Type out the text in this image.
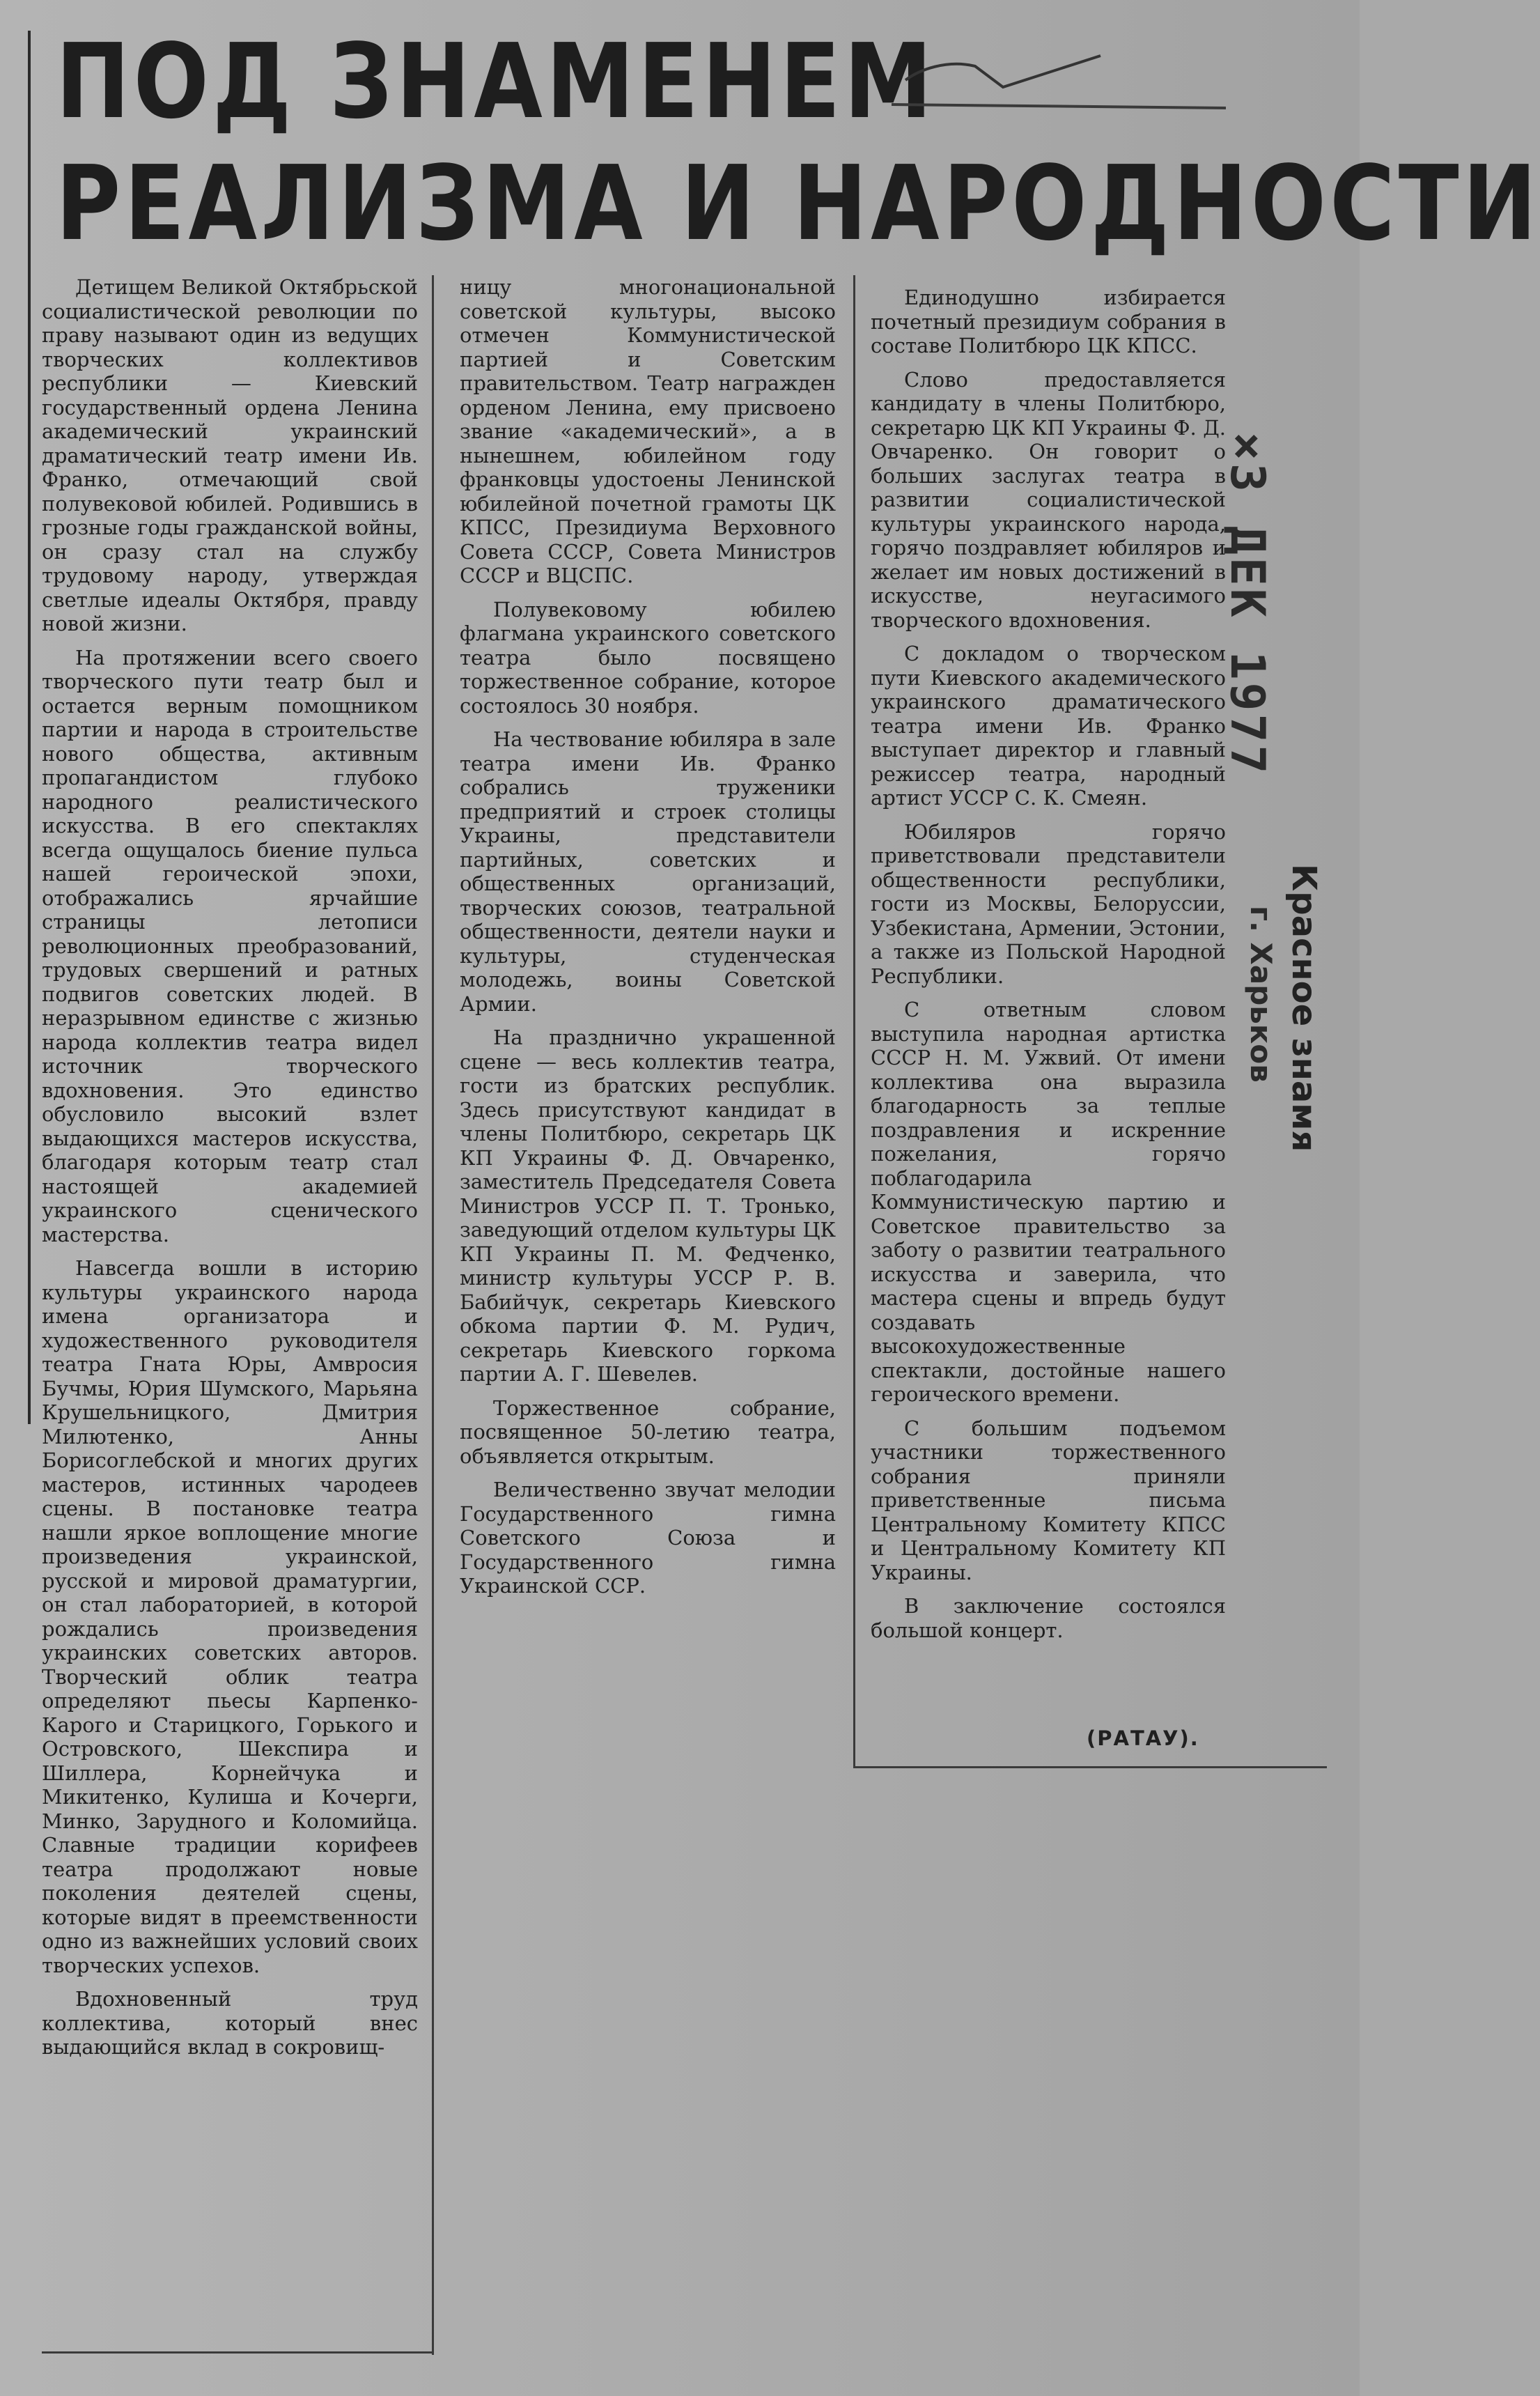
ПОД ЗНАМЕНЕМ
РЕАЛИЗМА И НАРОДНОСТИ

Детищем Великой Октябрьской социалистической революции по праву называют один из ведущих творческих коллективов республики — Киевский государственный ордена Ленина академический украинский драматический театр имени Ив. Франко, отмечающий свой полувековой юбилей. Родившись в грозные годы гражданской войны, он сразу стал на службу трудовому народу, утверждая светлые идеалы Октября, правду новой жизни.

На протяжении всего своего творческого пути театр был и остается верным помощником партии и народа в строительстве нового общества, активным пропагандистом глубоко народного реалистического искусства. В его спектаклях всегда ощущалось биение пульса нашей героической эпохи, отображались ярчайшие страницы летописи революционных преобразований, трудовых свершений и ратных подвигов советских людей. В неразрывном единстве с жизнью народа коллектив театра видел источник творческого вдохновения. Это единство обусловило высокий взлет выдающихся мастеров искусства, благодаря которым театр стал настоящей академией украинского сценического мастерства.

Навсегда вошли в историю культуры украинского народа имена организатора и художественного руководителя театра Гната Юры, Амвросия Бучмы, Юрия Шумского, Марьяна Крушельницкого, Дмитрия Милютенко, Анны Борисоглебской и многих других мастеров, истинных чародеев сцены. В постановке театра нашли яркое воплощение многие произведения украинской, русской и мировой драматургии, он стал лабораторией, в которой рождались произведения украинских советских авторов. Творческий облик театра определяют пьесы Карпенко-Карого и Старицкого, Горького и Островского, Шекспира и Шиллера, Корнейчука и Микитенко, Кулиша и Кочерги, Минко, Зарудного и Коломийца. Славные традиции корифеев театра продолжают новые поколения деятелей сцены, которые видят в преемственности одно из важнейших условий своих творческих успехов.

Вдохновенный труд коллектива, который внес выдающийся вклад в сокровищ-

ницу многонациональной советской культуры, высоко отмечен Коммунистической партией и Советским правительством. Театр награжден орденом Ленина, ему присвоено звание «академический», а в нынешнем, юбилейном году франковцы удостоены Ленинской юбилейной почетной грамоты ЦК КПСС, Президиума Верховного Совета СССР, Совета Министров СССР и ВЦСПС.

Полувековому юбилею флагмана украинского советского театра было посвящено торжественное собрание, которое состоялось 30 ноября.

На чествование юбиляра в зале театра имени Ив. Франко собрались труженики предприятий и строек столицы Украины, представители партийных, советских и общественных организаций, творческих союзов, театральной общественности, деятели науки и культуры, студенческая молодежь, воины Советской Армии.

На празднично украшенной сцене — весь коллектив театра, гости из братских республик. Здесь присутствуют кандидат в члены Политбюро, секретарь ЦК КП Украины Ф. Д. Овчаренко, заместитель Председателя Совета Министров УССР П. Т. Тронько, заведующий отделом культуры ЦК КП Украины П. М. Федченко, министр культуры УССР Р. В. Бабийчук, секретарь Киевского обкома партии Ф. М. Рудич, секретарь Киевского горкома партии А. Г. Шевелев.

Торжественное собрание, посвященное 50-летию театра, объявляется открытым.

Величественно звучат мелодии Государственного гимна Советского Союза и Государственного гимна Украинской ССР.

Единодушно избирается почетный президиум собрания в составе Политбюро ЦК КПСС.

Слово предоставляется кандидату в члены Политбюро, секретарю ЦК КП Украины Ф. Д. Овчаренко. Он говорит о больших заслугах театра в развитии социалистической культуры украинского народа, горячо поздравляет юбиляров и желает им новых достижений в искусстве, неугасимого творческого вдохновения.

С докладом о творческом пути Киевского академического украинского драматического театра имени Ив. Франко выступает директор и главный режиссер театра, народный артист УССР С. К. Смеян.

Юбиляров горячо приветствовали представители общественности республики, гости из Москвы, Белоруссии, Узбекистана, Армении, Эстонии, а также из Польской Народной Республики.

С ответным словом выступила народная артистка СССР Н. М. Ужвий. От имени коллектива она выразила благодарность за теплые поздравления и искренние пожелания, горячо поблагодарила Коммунистическую партию и Советское правительство за заботу о развитии театрального искусства и заверила, что мастера сцены и впредь будут создавать высокохудожественные спектакли, достойные нашего героического времени.

С большим подъемом участники торжественного собрания приняли приветственные письма Центральному Комитету КПСС и Центральному Комитету КП Украины.

В заключение состоялся большой концерт.

(РАТАУ).
×3 ДЕК 1977
Красное знамя
г. Харьков
